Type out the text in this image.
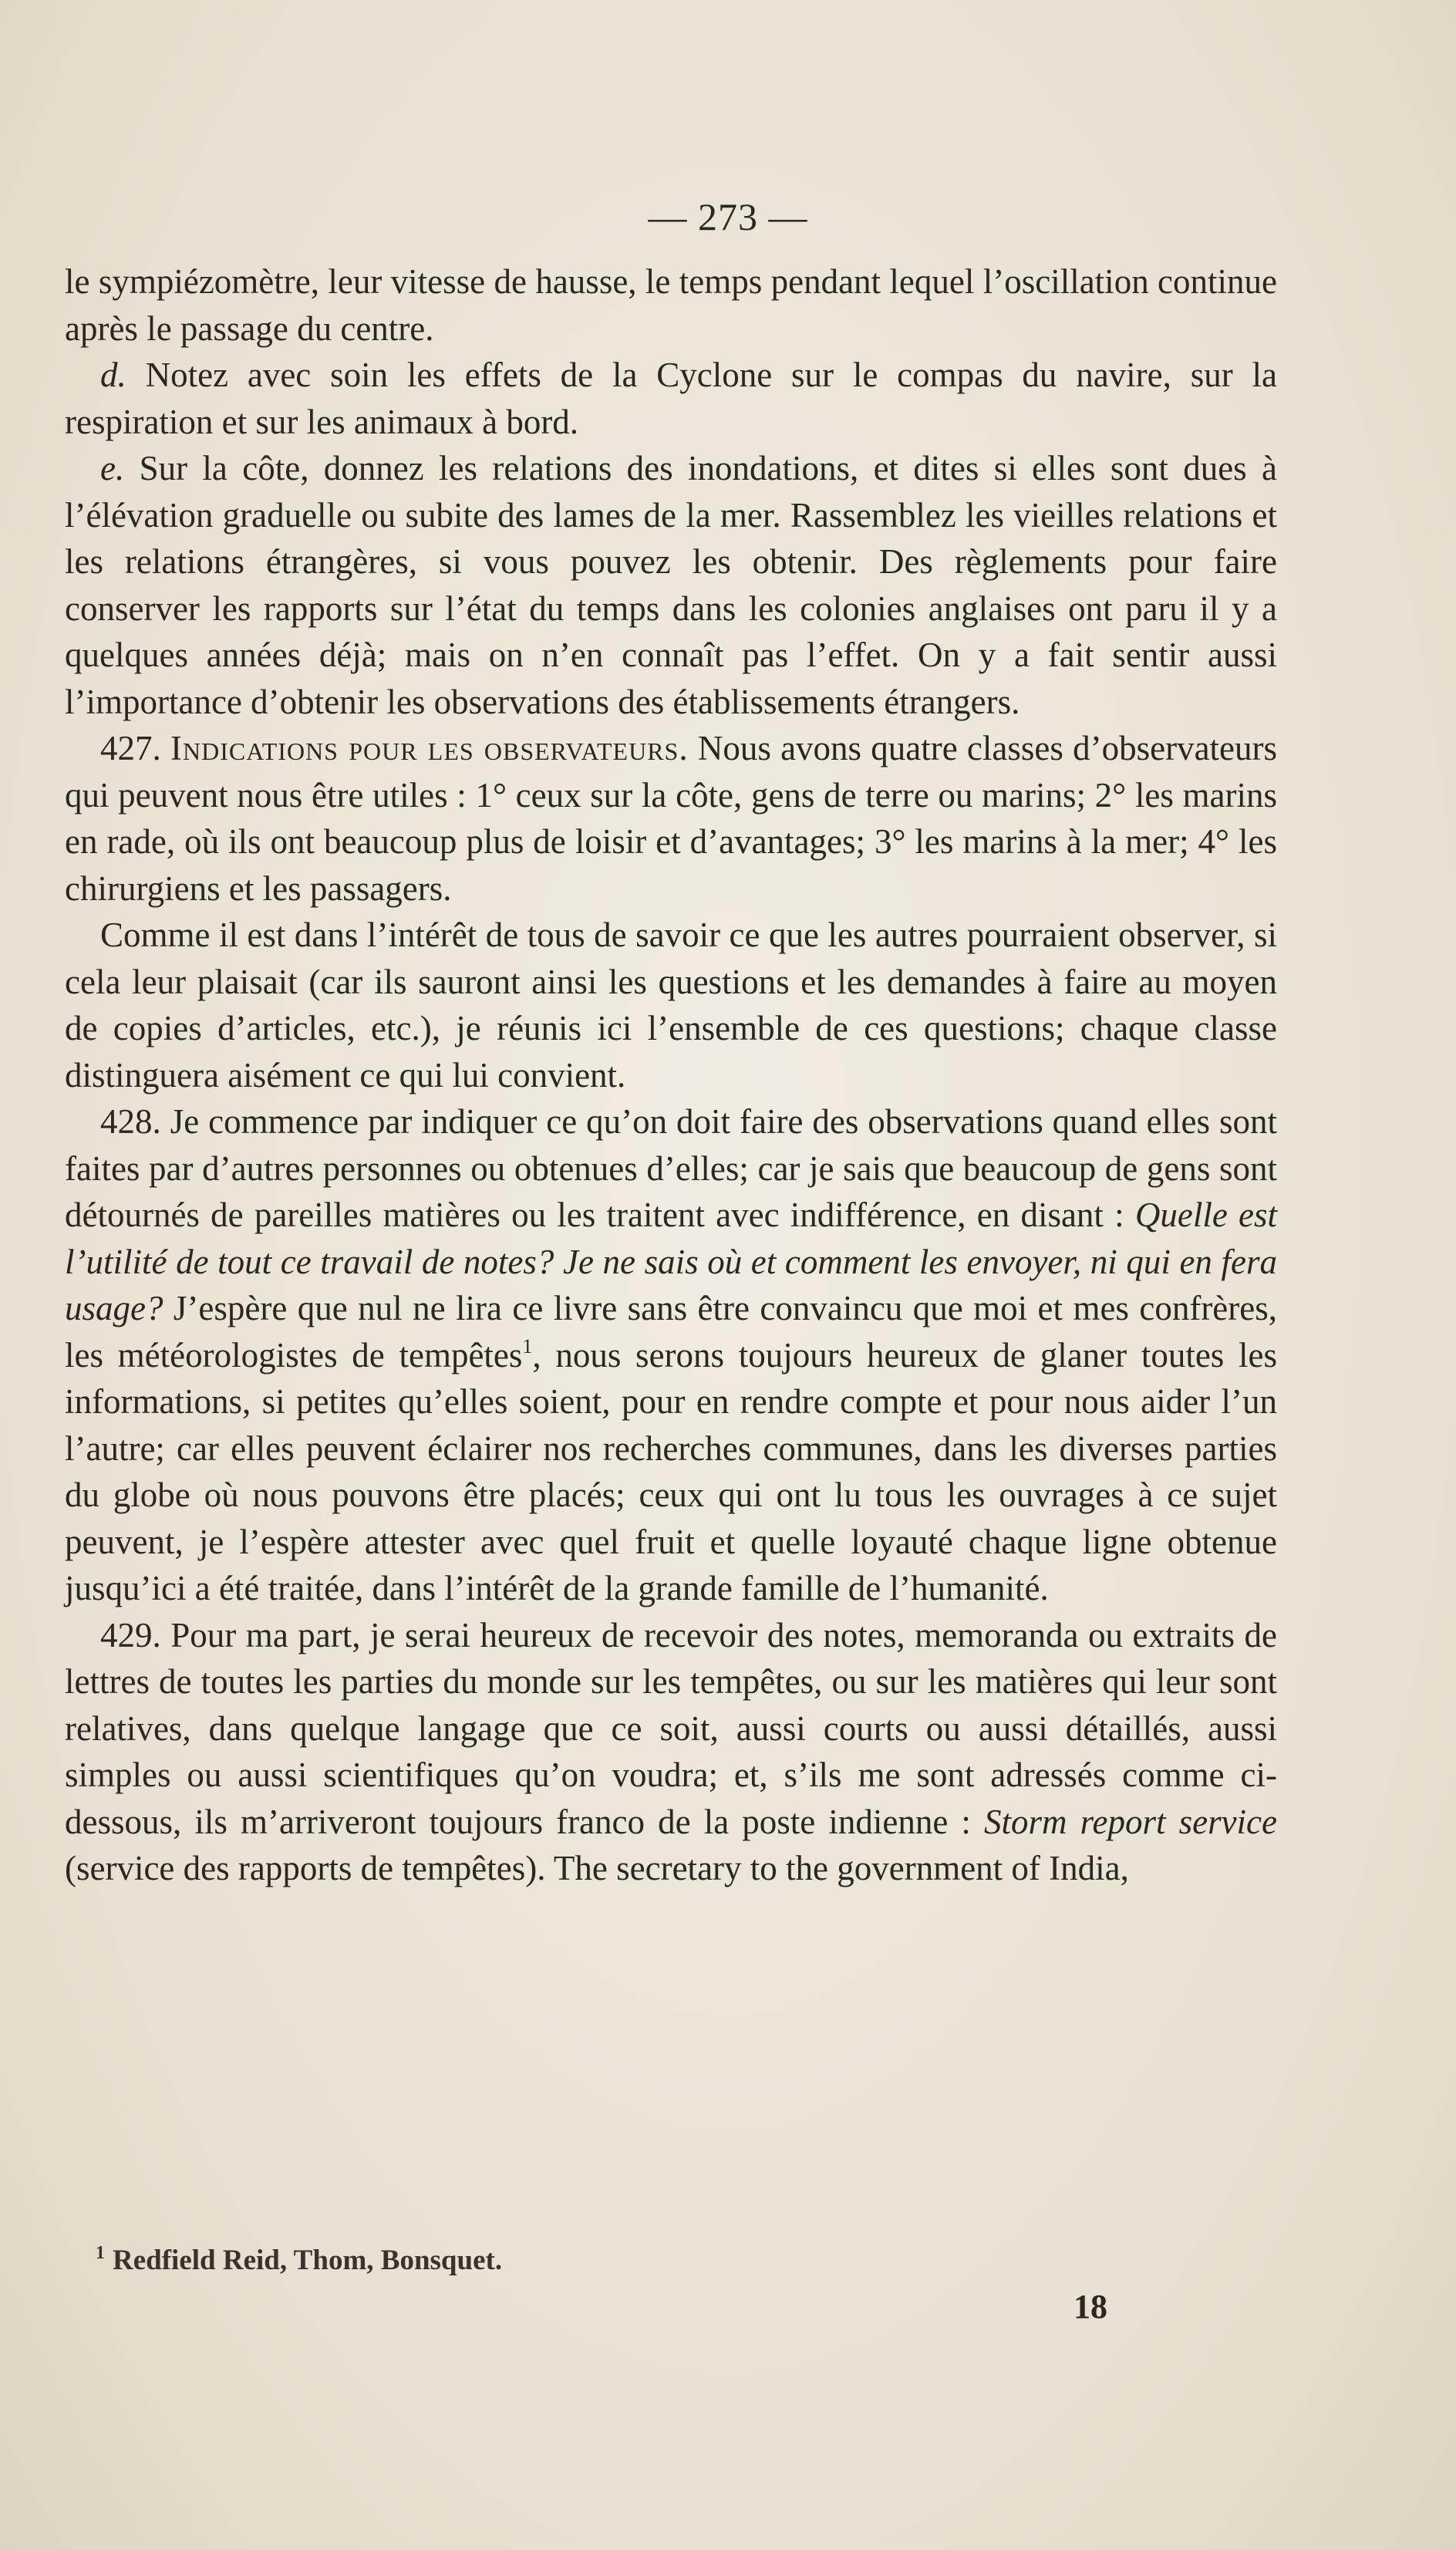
— 273 —

le sympiézomètre, leur vitesse de hausse, le temps pendant lequel l’oscillation continue après le passage du centre.

d. Notez avec soin les effets de la Cyclone sur le compas du navire, sur la respiration et sur les animaux à bord.

e. Sur la côte, donnez les relations des inondations, et dites si elles sont dues à l’élévation graduelle ou subite des lames de la mer. Rassemblez les vieilles relations et les relations étrangères, si vous pouvez les obtenir. Des règlements pour faire conserver les rapports sur l’état du temps dans les colonies anglaises ont paru il y a quelques années déjà; mais on n’en connaît pas l’effet. On y a fait sentir aussi l’importance d’obtenir les observations des établissements étrangers.

427. Indications pour les observateurs. Nous avons quatre classes d’observateurs qui peuvent nous être utiles : 1° ceux sur la côte, gens de terre ou marins; 2° les marins en rade, où ils ont beaucoup plus de loisir et d’avantages; 3° les marins à la mer; 4° les chirurgiens et les passagers.

Comme il est dans l’intérêt de tous de savoir ce que les autres pourraient observer, si cela leur plaisait (car ils sauront ainsi les questions et les demandes à faire au moyen de copies d’articles, etc.), je réunis ici l’ensemble de ces questions; chaque classe distinguera aisément ce qui lui convient.

428. Je commence par indiquer ce qu’on doit faire des observations quand elles sont faites par d’autres personnes ou obtenues d’elles; car je sais que beaucoup de gens sont détournés de pareilles matières ou les traitent avec indifférence, en disant : Quelle est l’utilité de tout ce travail de notes? Je ne sais où et comment les envoyer, ni qui en fera usage? J’espère que nul ne lira ce livre sans être convaincu que moi et mes confrères, les météorologistes de tempêtes$^1$, nous serons toujours heureux de glaner toutes les informations, si petites qu’elles soient, pour en rendre compte et pour nous aider l’un l’autre; car elles peuvent éclairer nos recherches communes, dans les diverses parties du globe où nous pouvons être placés; ceux qui ont lu tous les ouvrages à ce sujet peuvent, je l’espère attester avec quel fruit et quelle loyauté chaque ligne obtenue jusqu’ici a été traitée, dans l’intérêt de la grande famille de l’humanité.

429. Pour ma part, je serai heureux de recevoir des notes, memoranda ou extraits de lettres de toutes les parties du monde sur les tempêtes, ou sur les matières qui leur sont relatives, dans quelque langage que ce soit, aussi courts ou aussi détaillés, aussi simples ou aussi scientifiques qu’on voudra; et, s’ils me sont adressés comme ci-dessous, ils m’arriveront toujours franco de la poste indienne : Storm report service (service des rapports de tempêtes). The secretary to the government of India,

$^1$ Redfield Reid, Thom, Bonsquet.
18
